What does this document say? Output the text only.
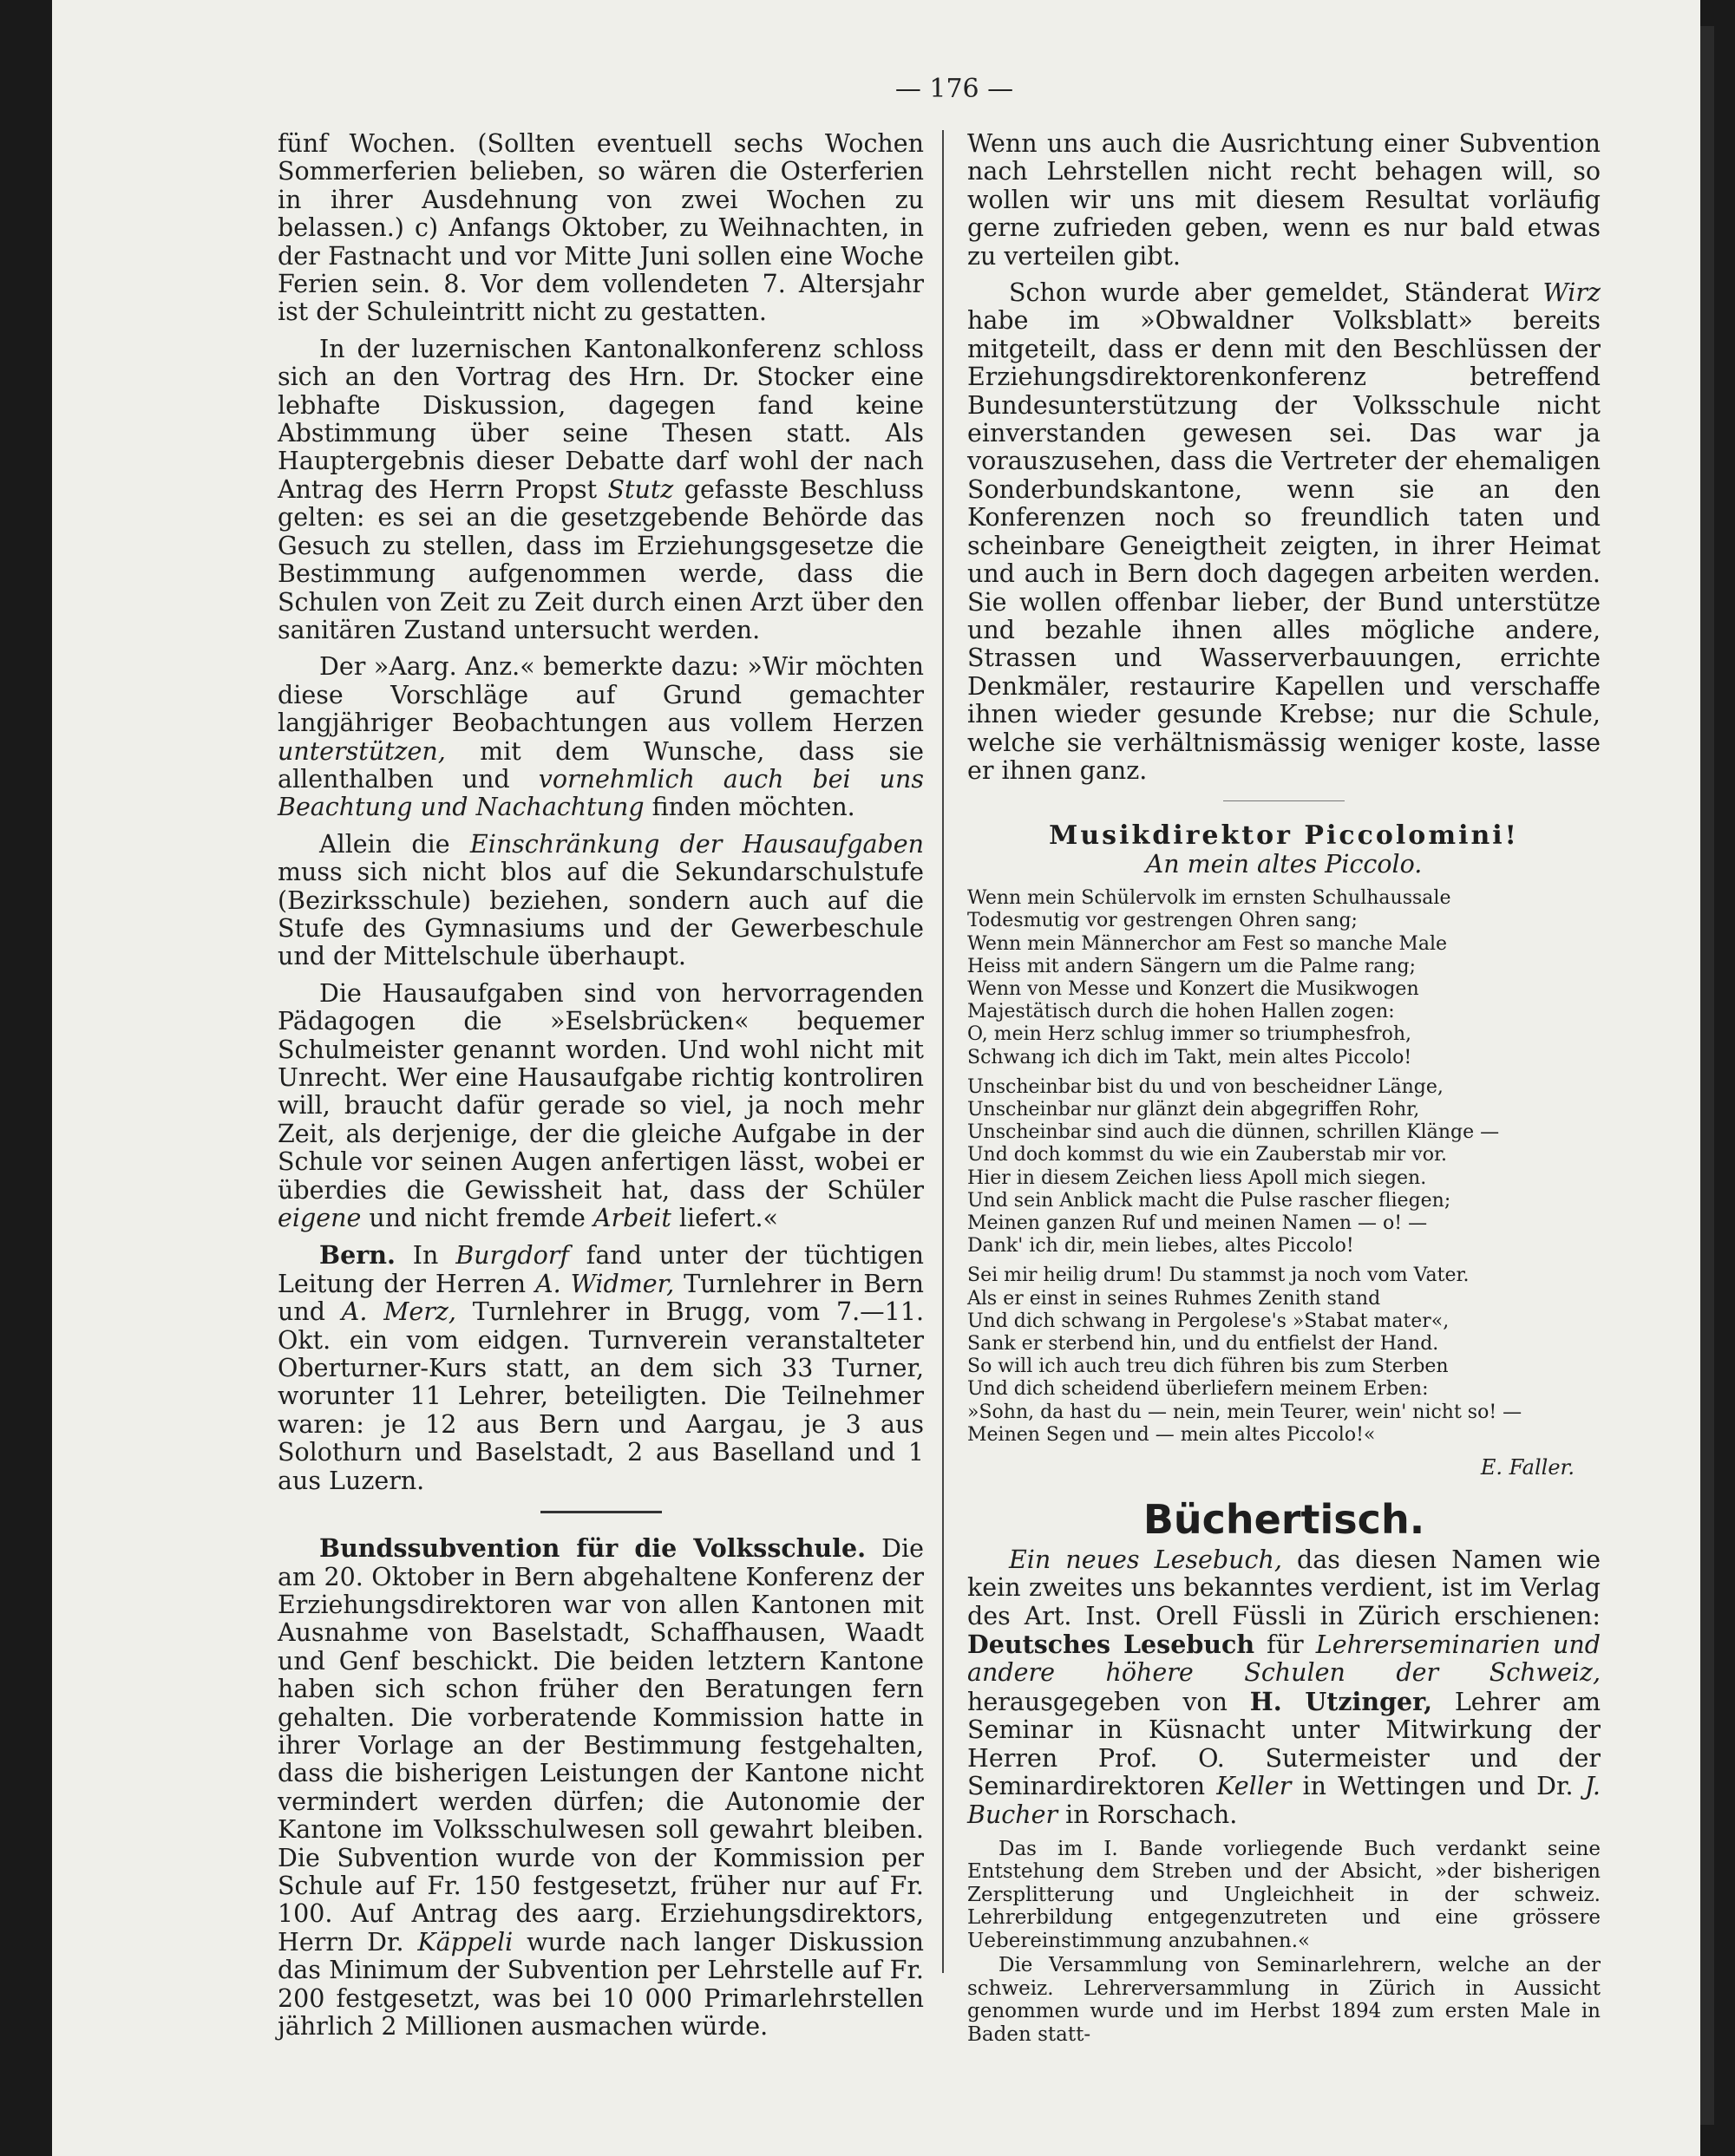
— 176 —

fünf Wochen. (Sollten eventuell sechs Wochen Sommerferien belieben, so wären die Osterferien in ihrer Ausdehnung von zwei Wochen zu belassen.) c) Anfangs Oktober, zu Weihnachten, in der Fastnacht und vor Mitte Juni sollen eine Woche Ferien sein. 8. Vor dem vollendeten 7. Altersjahr ist der Schuleintritt nicht zu gestatten.

In der luzernischen Kantonalkonferenz schloss sich an den Vortrag des Hrn. Dr. Stocker eine lebhafte Diskussion, dagegen fand keine Abstimmung über seine Thesen statt. Als Hauptergebnis dieser Debatte darf wohl der nach Antrag des Herrn Propst Stutz gefasste Beschluss gelten: es sei an die gesetzgebende Behörde das Gesuch zu stellen, dass im Erziehungsgesetze die Bestimmung aufgenommen werde, dass die Schulen von Zeit zu Zeit durch einen Arzt über den sanitären Zustand untersucht werden.

Der »Aarg. Anz.« bemerkte dazu: »Wir möchten diese Vorschläge auf Grund gemachter langjähriger Beobachtungen aus vollem Herzen unterstützen, mit dem Wunsche, dass sie allenthalben und vornehmlich auch bei uns Beachtung und Nachachtung finden möchten.

Allein die Einschränkung der Hausaufgaben muss sich nicht blos auf die Sekundarschulstufe (Bezirksschule) beziehen, sondern auch auf die Stufe des Gymnasiums und der Gewerbeschule und der Mittelschule überhaupt.

Die Hausaufgaben sind von hervorragenden Pädagogen die »Eselsbrücken« bequemer Schulmeister genannt worden. Und wohl nicht mit Unrecht. Wer eine Hausaufgabe richtig kontroliren will, braucht dafür gerade so viel, ja noch mehr Zeit, als derjenige, der die gleiche Aufgabe in der Schule vor seinen Augen anfertigen lässt, wobei er überdies die Gewissheit hat, dass der Schüler eigene und nicht fremde Arbeit liefert.«

Bern. In Burgdorf fand unter der tüchtigen Leitung der Herren A. Widmer, Turnlehrer in Bern und A. Merz, Turnlehrer in Brugg, vom 7.—11. Okt. ein vom eidgen. Turnverein veranstalteter Oberturner-Kurs statt, an dem sich 33 Turner, worunter 11 Lehrer, beteiligten. Die Teilnehmer waren: je 12 aus Bern und Aargau, je 3 aus Solothurn und Baselstadt, 2 aus Baselland und 1 aus Luzern.

Bundssubvention für die Volksschule. Die am 20. Oktober in Bern abgehaltene Konferenz der Erziehungsdirektoren war von allen Kantonen mit Ausnahme von Baselstadt, Schaffhausen, Waadt und Genf beschickt. Die beiden letztern Kantone haben sich schon früher den Beratungen fern gehalten. Die vorberatende Kommission hatte in ihrer Vorlage an der Bestimmung festgehalten, dass die bisherigen Leistungen der Kantone nicht vermindert werden dürfen; die Autonomie der Kantone im Volksschulwesen soll gewahrt bleiben. Die Subvention wurde von der Kommission per Schule auf Fr. 150 festgesetzt, früher nur auf Fr. 100. Auf Antrag des aarg. Erziehungsdirektors, Herrn Dr. Käppeli wurde nach langer Diskussion das Minimum der Subvention per Lehrstelle auf Fr. 200 festgesetzt, was bei 10 000 Primarlehrstellen jährlich 2 Millionen ausmachen würde.

Wenn uns auch die Ausrichtung einer Subvention nach Lehrstellen nicht recht behagen will, so wollen wir uns mit diesem Resultat vorläufig gerne zufrieden geben, wenn es nur bald etwas zu verteilen gibt.

Schon wurde aber gemeldet, Ständerat Wirz habe im »Obwaldner Volksblatt» bereits mitgeteilt, dass er denn mit den Beschlüssen der Erziehungsdirektorenkonferenz betreffend Bundesunterstützung der Volksschule nicht einverstanden gewesen sei. Das war ja vorauszusehen, dass die Vertreter der ehemaligen Sonderbundskantone, wenn sie an den Konferenzen noch so freundlich taten und scheinbare Geneigtheit zeigten, in ihrer Heimat und auch in Bern doch dagegen arbeiten werden. Sie wollen offenbar lieber, der Bund unterstütze und bezahle ihnen alles mögliche andere, Strassen und Wasserverbauungen, errichte Denkmäler, restaurire Kapellen und verschaffe ihnen wieder gesunde Krebse; nur die Schule, welche sie verhältnismässig weniger koste, lasse er ihnen ganz.

Musikdirektor Piccolomini!
An mein altes Piccolo.
Wenn mein Schülervolk im ernsten Schulhaussale
Todesmutig vor gestrengen Ohren sang;
Wenn mein Männerchor am Fest so manche Male
Heiss mit andern Sängern um die Palme rang;
Wenn von Messe und Konzert die Musikwogen
Majestätisch durch die hohen Hallen zogen:
O, mein Herz schlug immer so triumphesfroh,
Schwang ich dich im Takt, mein altes Piccolo!
Unscheinbar bist du und von bescheidner Länge,
Unscheinbar nur glänzt dein abgegriffen Rohr,
Unscheinbar sind auch die dünnen, schrillen Klänge —
Und doch kommst du wie ein Zauberstab mir vor.
Hier in diesem Zeichen liess Apoll mich siegen.
Und sein Anblick macht die Pulse rascher fliegen;
Meinen ganzen Ruf und meinen Namen — o! —
Dank' ich dir, mein liebes, altes Piccolo!
Sei mir heilig drum! Du stammst ja noch vom Vater.
Als er einst in seines Ruhmes Zenith stand
Und dich schwang in Pergolese's »Stabat mater«,
Sank er sterbend hin, und du entfielst der Hand.
So will ich auch treu dich führen bis zum Sterben
Und dich scheidend überliefern meinem Erben:
»Sohn, da hast du — nein, mein Teurer, wein' nicht so! —
Meinen Segen und — mein altes Piccolo!«
E. Faller.
Büchertisch.

Ein neues Lesebuch, das diesen Namen wie kein zweites uns bekanntes verdient, ist im Verlag des Art. Inst. Orell Füssli in Zürich erschienen: Deutsches Lesebuch für Lehrerseminarien und andere höhere Schulen der Schweiz, herausgegeben von H. Utzinger, Lehrer am Seminar in Küsnacht unter Mitwirkung der Herren Prof. O. Sutermeister und der Seminardirektoren Keller in Wettingen und Dr. J. Bucher in Rorschach.

Das im I. Bande vorliegende Buch verdankt seine Entstehung dem Streben und der Absicht, »der bisherigen Zersplitterung und Ungleichheit in der schweiz. Lehrerbildung entgegenzutreten und eine grössere Uebereinstimmung anzubahnen.«

Die Versammlung von Seminarlehrern, welche an der schweiz. Lehrerversammlung in Zürich in Aussicht genommen wurde und im Herbst 1894 zum ersten Male in Baden statt-
